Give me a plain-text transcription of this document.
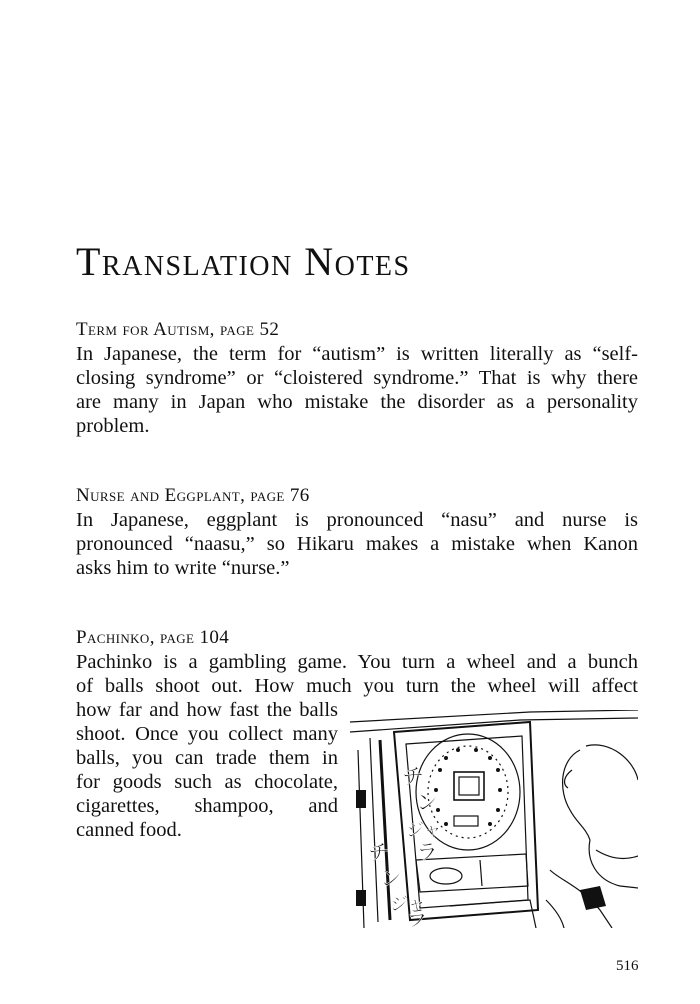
Translation Notes
Term for Autism, page 52
In Japanese, the term for “autism” is written literally as “self-
closing syndrome” or “cloistered syndrome.” That is why there
are many in Japan who mistake the disorder as a personality
problem.
Nurse and Eggplant, page 76
In Japanese, eggplant is pronounced “nasu” and nurse is
pronounced “naasu,” so Hikaru makes a mistake when Kanon
asks him to write “nurse.”
Pachinko, page 104
Pachinko is a gambling game. You turn a wheel and a bunch
of balls shoot out. How much you turn the wheel will affect
how far and how fast the balls
shoot. Once you collect many
balls, you can trade them in
for goods such as chocolate,
cigarettes, shampoo, and
canned food.
チ
ン
ジャ
ラ
チ
ン
ジャ
ラ
516
